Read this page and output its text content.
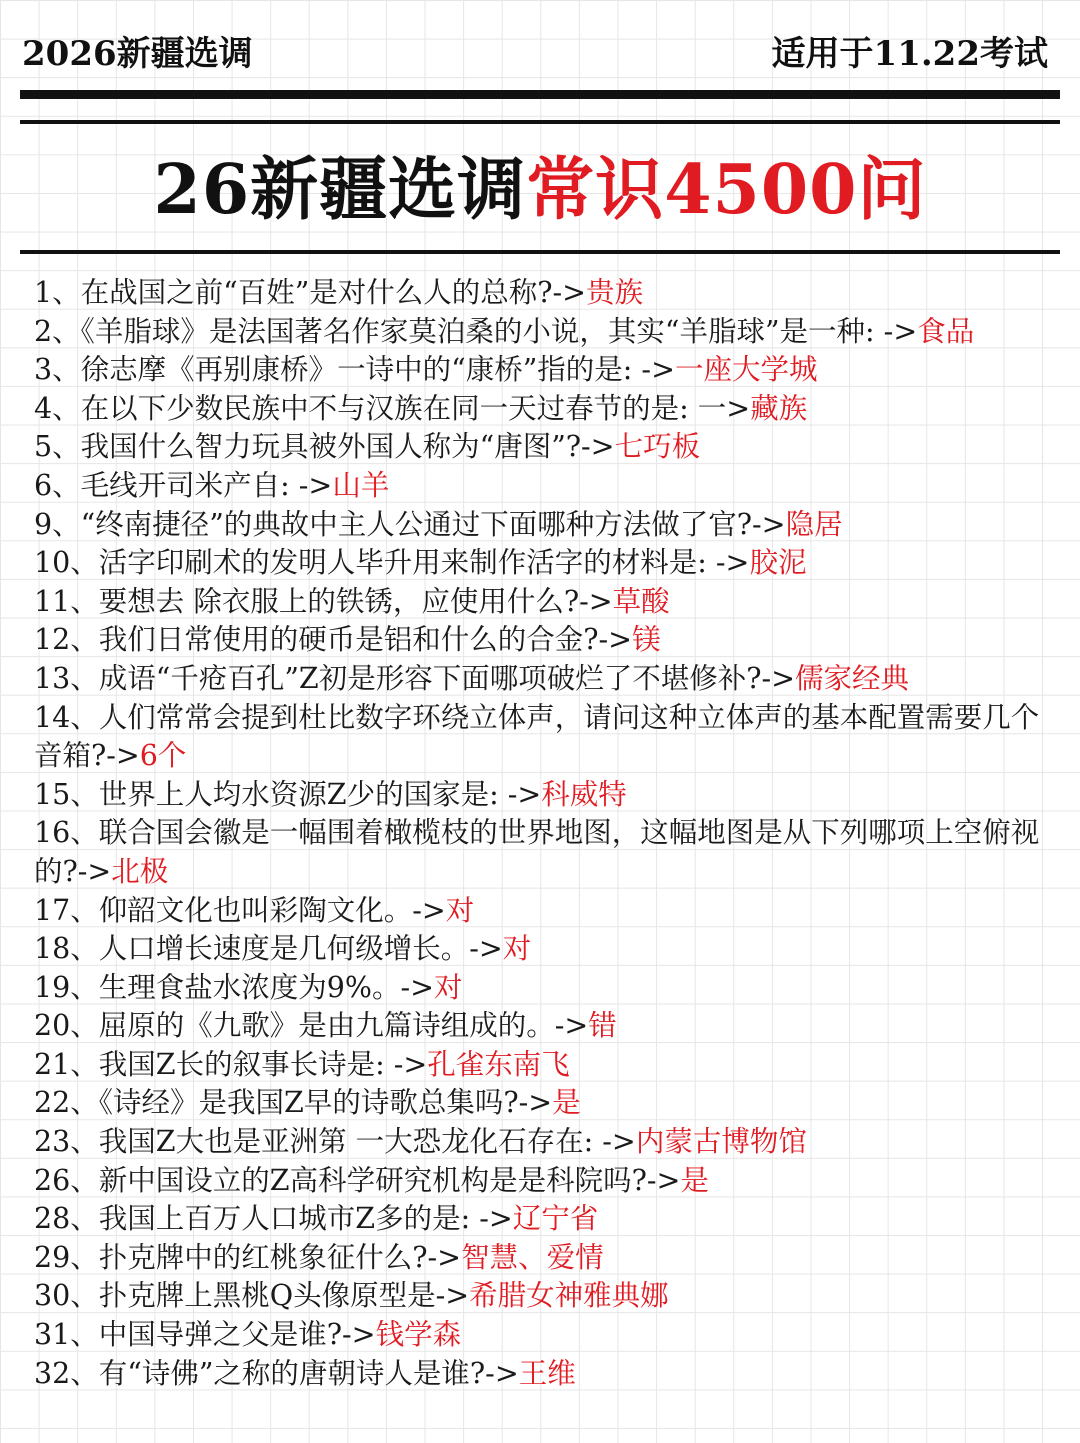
2026新疆选调	适用于11.22考试
26新疆选调常识4500问
1、在战国之前“百姓”是对什么人的总称?->贵族
2、《羊脂球》是法国著名作家莫泊桑的小说，其实“羊脂球”是一种: ->食品
3、徐志摩《再别康桥》一诗中的“康桥”指的是: ->一座大学城
4、在以下少数民族中不与汉族在同一天过春节的是: 一>藏族
5、我国什么智力玩具被外国人称为“唐图”?->七巧板
6、毛线开司米产自: ->山羊
9、“终南捷径”的典故中主人公通过下面哪种方法做了官?->隐居
10、活字印刷术的发明人毕升用来制作活字的材料是: ->胶泥
11、要想去 除衣服上的铁锈，应使用什么?->草酸
12、我们日常使用的硬币是铝和什么的合金?->镁
13、成语“千疮百孔”Z初是形容下面哪项破烂了不堪修补?->儒家经典
14、人们常常会提到杜比数字环绕立体声，请问这种立体声的基本配置需要几个音箱?->6个
15、世界上人均水资源Z少的国家是: ->科威特
16、联合国会徽是一幅围着橄榄枝的世界地图，这幅地图是从下列哪项上空俯视的?->北极
17、仰韶文化也叫彩陶文化。->对
18、人口增长速度是几何级增长。->对
19、生理食盐水浓度为9%。->对
20、屈原的《九歌》是由九篇诗组成的。->错
21、我国Z长的叙事长诗是: ->孔雀东南飞
22、《诗经》是我国Z早的诗歌总集吗?->是
23、我国Z大也是亚洲第 一大恐龙化石存在: ->内蒙古博物馆
26、新中国设立的Z高科学研究机构是是科院吗?->是
28、我国上百万人口城市Z多的是: ->辽宁省
29、扑克牌中的红桃象征什么?->智慧、爱情
30、扑克牌上黑桃Q头像原型是->希腊女神雅典娜
31、中国导弹之父是谁?->钱学森
32、有“诗佛”之称的唐朝诗人是谁?->王维
